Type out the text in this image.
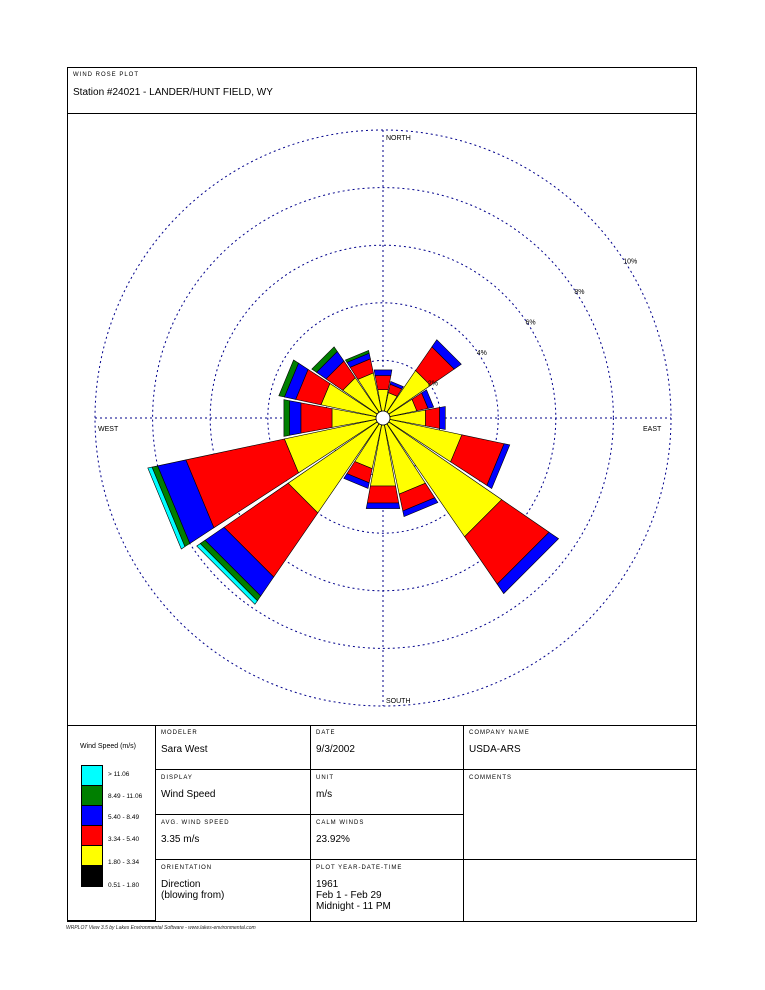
WIND ROSE PLOT
Station #24021 - LANDER/HUNT FIELD, WY
2%
4%
6%
8%
10%
NORTH
SOUTH
EAST
WEST
Wind Speed (m/s)
> 11.06
8.49 - 11.06
5.40 - 8.49
3.34 - 5.40
1.80 - 3.34
0.51 - 1.80
MODELER
Sara West
DATE
9/3/2002
COMPANY NAME
USDA-ARS
DISPLAY
Wind Speed
UNIT
m/s
COMMENTS
AVG. WIND SPEED
3.35 m/s
CALM WINDS
23.92%
ORIENTATION
Direction
(blowing from)
PLOT YEAR-DATE-TIME
1961
Feb 1 - Feb 29
Midnight - 11 PM
WRPLOT View 3.5 by Lakes Environmental Software - www.lakes-environmental.com
